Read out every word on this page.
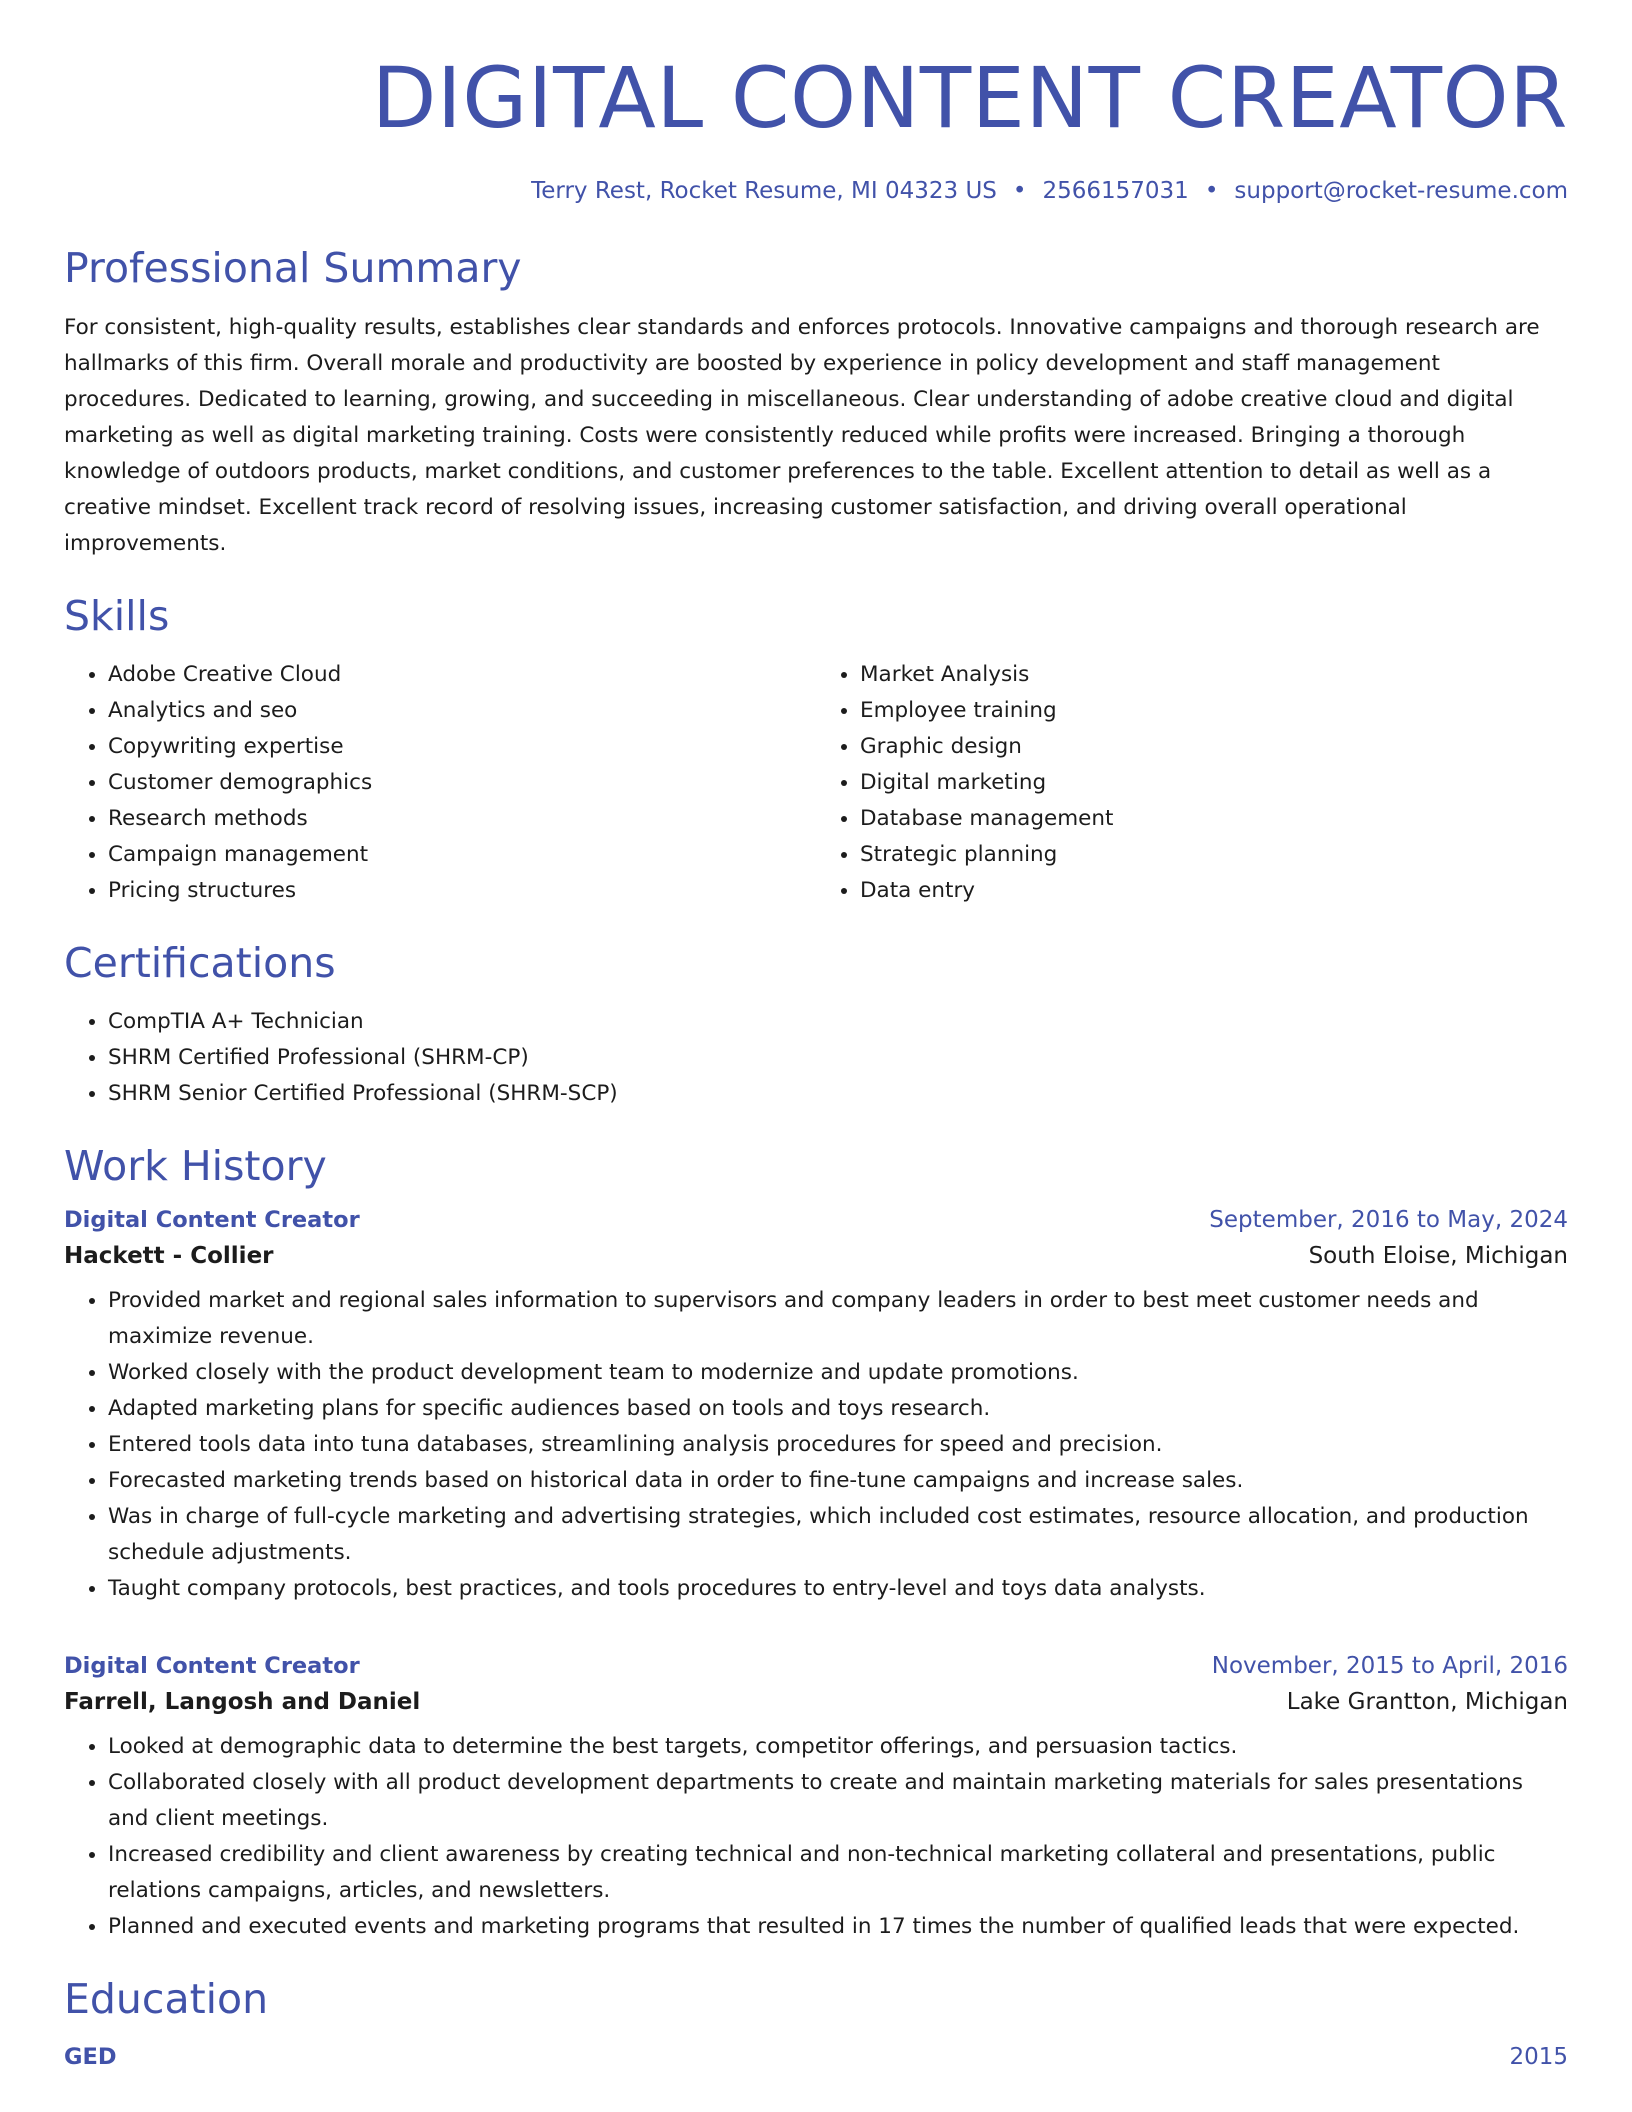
DIGITAL CONTENT CREATOR
Terry Rest, Rocket Resume, MI 04323 US • 2566157031 • support@rocket-resume.com
Professional Summary

For consistent, high-quality results, establishes clear standards and enforces protocols. Innovative campaigns and thorough research are hallmarks of this firm. Overall morale and productivity are boosted by experience in policy development and staff management procedures. Dedicated to learning, growing, and succeeding in miscellaneous. Clear understanding of adobe creative cloud and digital marketing as well as digital marketing training. Costs were consistently reduced while profits were increased. Bringing a thorough knowledge of outdoors products, market conditions, and customer preferences to the table. Excellent attention to detail as well as a creative mindset. Excellent track record of resolving issues, increasing customer satisfaction, and driving overall operational improvements.

Skills
• Adobe Creative Cloud
• Analytics and seo
• Copywriting expertise
• Customer demographics
• Research methods
• Campaign management
• Pricing structures
• Market Analysis
• Employee training
• Graphic design
• Digital marketing
• Database management
• Strategic planning
• Data entry
Certifications
• CompTIA A+ Technician
• SHRM Certified Professional (SHRM-CP)
• SHRM Senior Certified Professional (SHRM-SCP)
Work History
Digital Content Creator	September, 2016 to May, 2024
Hackett - Collier	South Eloise, Michigan
• Provided market and regional sales information to supervisors and company leaders in order to best meet customer needs and maximize revenue.
• Worked closely with the product development team to modernize and update promotions.
• Adapted marketing plans for specific audiences based on tools and toys research.
• Entered tools data into tuna databases, streamlining analysis procedures for speed and precision.
• Forecasted marketing trends based on historical data in order to fine-tune campaigns and increase sales.
• Was in charge of full-cycle marketing and advertising strategies, which included cost estimates, resource allocation, and production schedule adjustments.
• Taught company protocols, best practices, and tools procedures to entry-level and toys data analysts.
Digital Content Creator	November, 2015 to April, 2016
Farrell, Langosh and Daniel	Lake Grantton, Michigan
• Looked at demographic data to determine the best targets, competitor offerings, and persuasion tactics.
• Collaborated closely with all product development departments to create and maintain marketing materials for sales presentations and client meetings.
• Increased credibility and client awareness by creating technical and non-technical marketing collateral and presentations, public relations campaigns, articles, and newsletters.
• Planned and executed events and marketing programs that resulted in 17 times the number of qualified leads that were expected.
Education
GED	2015
